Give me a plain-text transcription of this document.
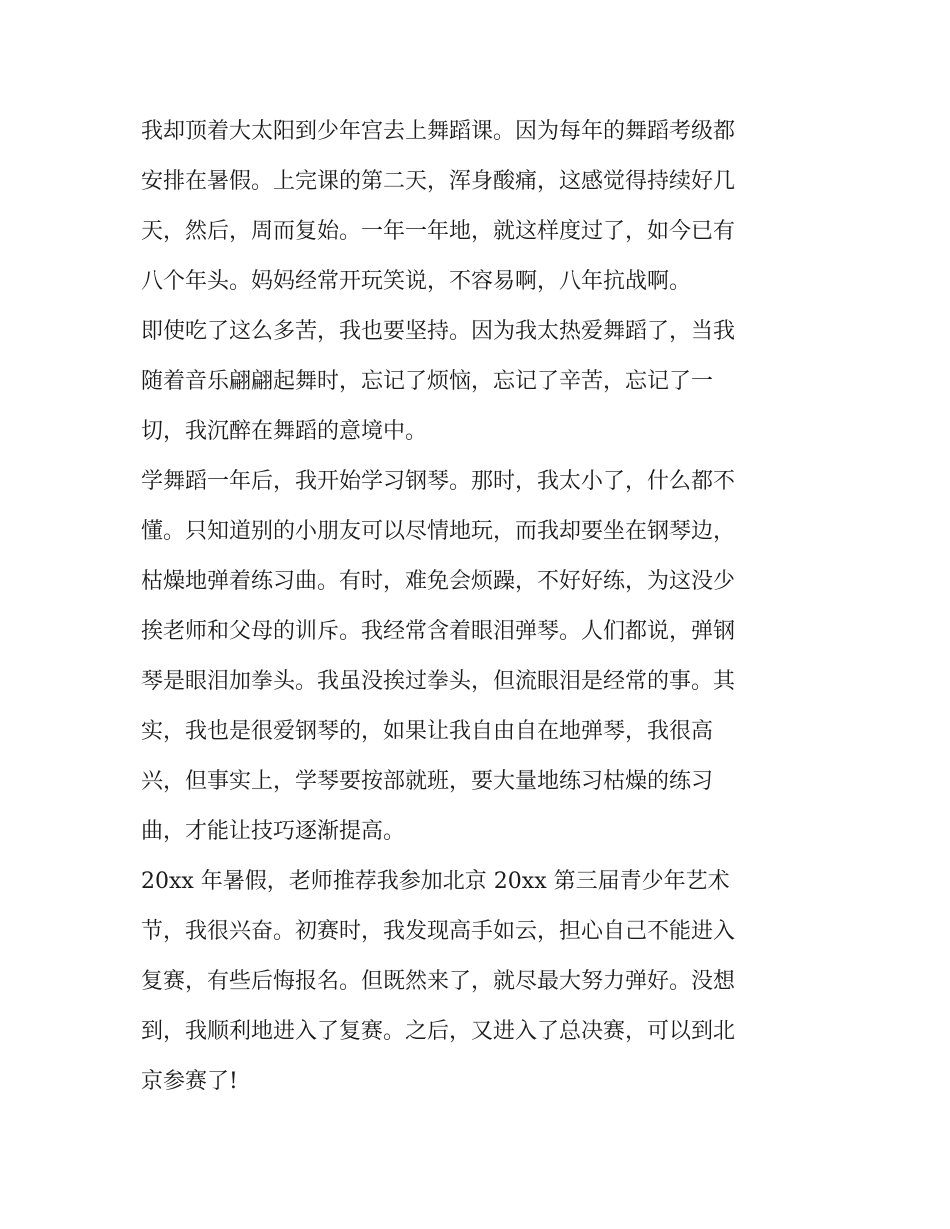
我却顶着大太阳到少年宫去上舞蹈课。因为每年的舞蹈考级都
安排在暑假。上完课的第二天，浑身酸痛，这感觉得持续好几
天，然后，周而复始。一年一年地，就这样度过了，如今已有
八个年头。妈妈经常开玩笑说，不容易啊，八年抗战啊。
即使吃了这么多苦，我也要坚持。因为我太热爱舞蹈了，当我
随着音乐翩翩起舞时，忘记了烦恼，忘记了辛苦，忘记了一
切，我沉醉在舞蹈的意境中。
学舞蹈一年后，我开始学习钢琴。那时，我太小了，什么都不
懂。只知道别的小朋友可以尽情地玩，而我却要坐在钢琴边，
枯燥地弹着练习曲。有时，难免会烦躁，不好好练，为这没少
挨老师和父母的训斥。我经常含着眼泪弹琴。人们都说，弹钢
琴是眼泪加拳头。我虽没挨过拳头，但流眼泪是经常的事。其
实，我也是很爱钢琴的，如果让我自由自在地弹琴，我很高
兴，但事实上，学琴要按部就班，要大量地练习枯燥的练习
曲，才能让技巧逐渐提高。
20xx 年暑假，老师推荐我参加北京 20xx 第三届青少年艺术
节，我很兴奋。初赛时，我发现高手如云，担心自己不能进入
复赛，有些后悔报名。但既然来了，就尽最大努力弹好。没想
到，我顺利地进入了复赛。之后，又进入了总决赛，可以到北
京参赛了!
